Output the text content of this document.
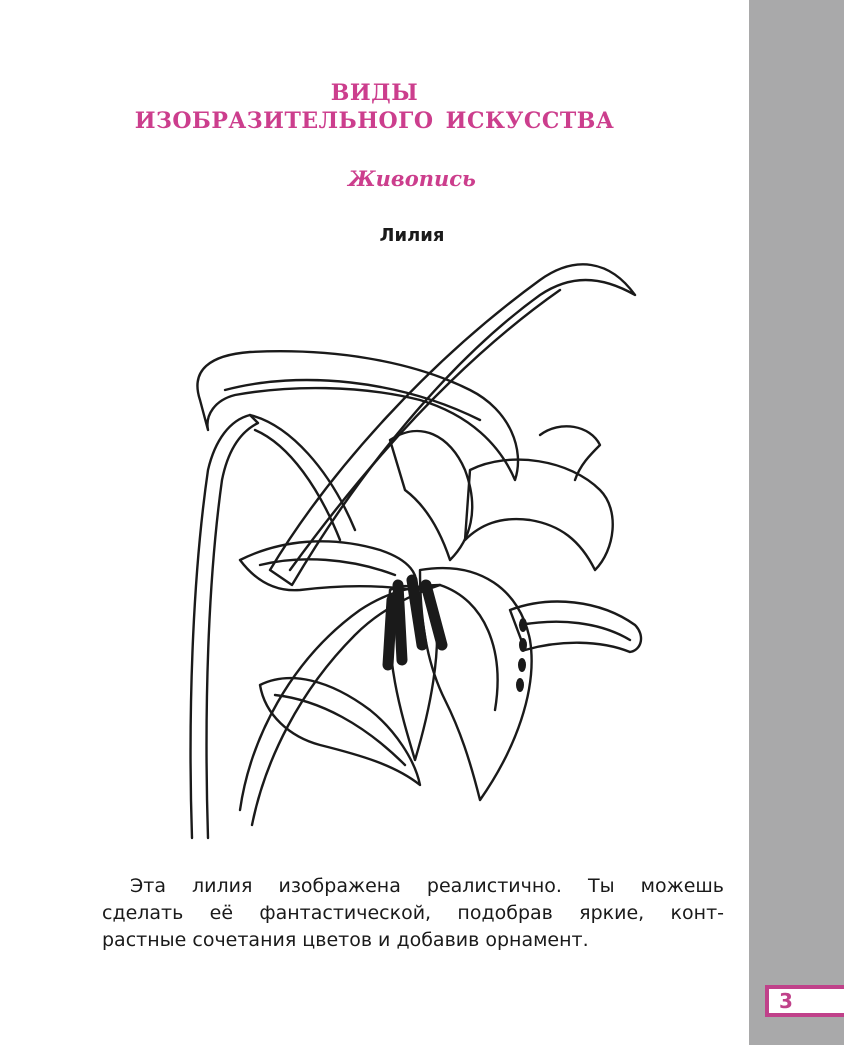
3
ВИДЫ
ИЗОБРАЗИТЕЛЬНОГО ИСКУССТВА
Живопись
Лилия
Эта лилия изображена реалистично. Ты можешь
сделать её фантастической, подобрав яркие, конт-
растные сочетания цветов и добавив орнамент.
